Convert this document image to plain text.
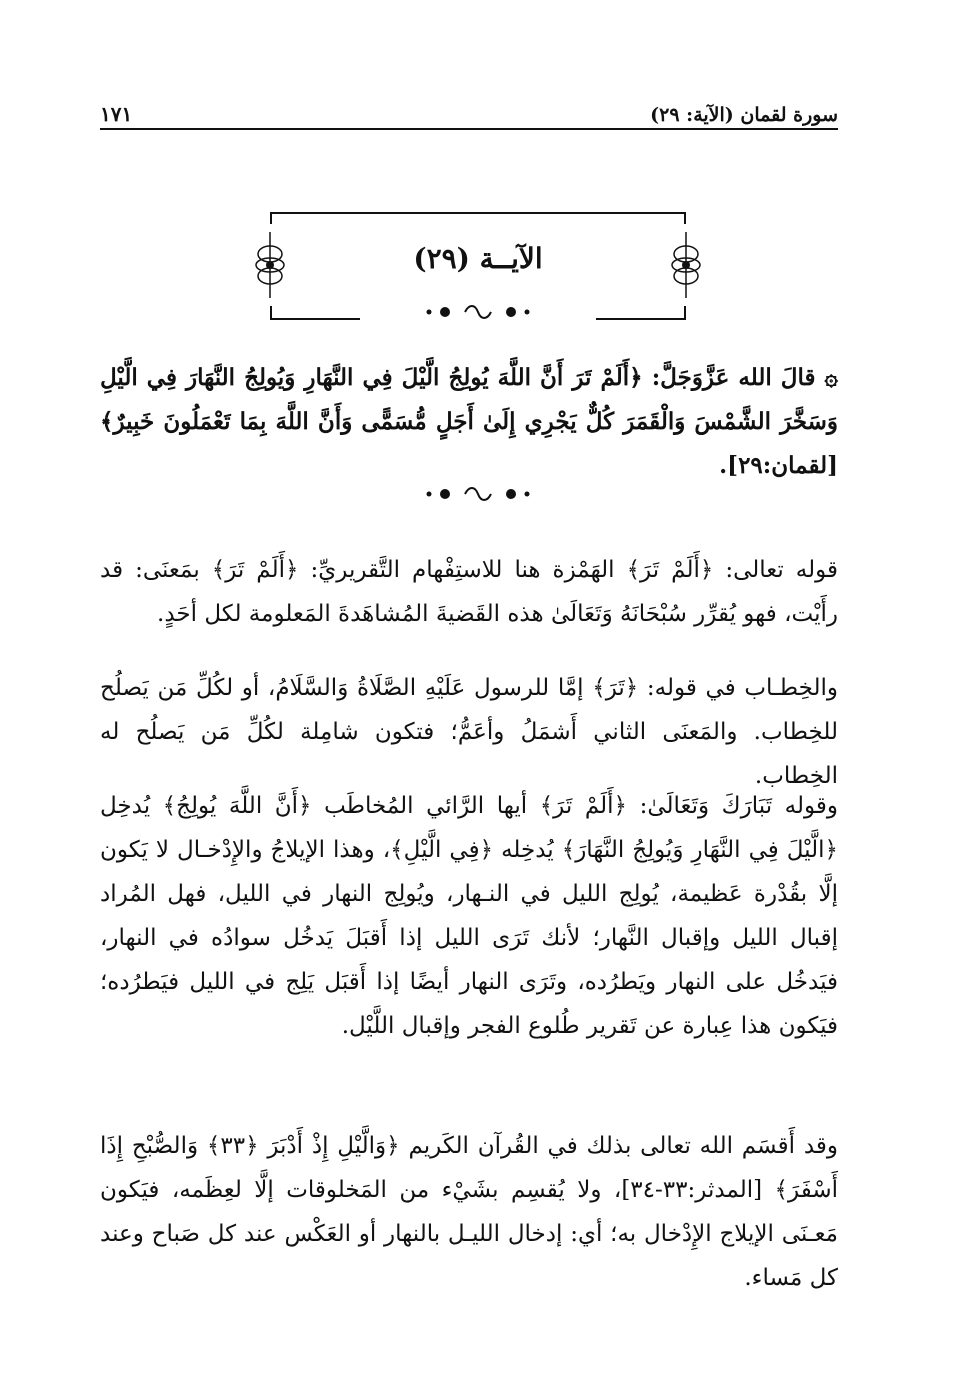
سورة لقمان (الآية: ٢٩)
١٧١
الآيــة (٢٩)

۞ قالَ الله عَزَّوَجَلَّ: ﴿أَلَمْ تَرَ أَنَّ اللَّهَ يُولِجُ الَّيْلَ فِي النَّهَارِ وَيُولِجُ النَّهَارَ فِي الَّيْلِ وَسَخَّرَ الشَّمْسَ وَالْقَمَرَ كُلٌّ يَجْرِي إِلَىٰ أَجَلٍ مُّسَمًّى وَأَنَّ اللَّهَ بِمَا تَعْمَلُونَ خَبِيرٌ﴾ [لقمان:٢٩].

قوله تعالى: ﴿أَلَمْ تَرَ﴾ الهَمْزة هنا للاستِفْهام التَّقريريِّ: ﴿أَلَمْ تَرَ﴾ بمَعنَى: قد رأَيْت، فهو يُقرِّر سُبْحَانَهُ وَتَعَالَىٰ هذه القَضيةَ المُشاهَدةَ المَعلومة لكل أحَدٍ.

والخِطـاب في قوله: ﴿تَرَ﴾ إمَّا للرسول عَلَيْهِ الصَّلَاةُ وَالسَّلَامُ، أو لكُلِّ مَن يَصلُح للخِطاب. والمَعنَى الثاني أَشمَلُ وأعَمُّ؛ فتكون شامِلة لكُلِّ مَن يَصلُح له الخِطاب.

وقوله تَبَارَكَ وَتَعَالَىٰ: ﴿أَلَمْ تَرَ﴾ أيها الرَّائي المُخاطَب ﴿أَنَّ اللَّهَ يُولِجُ﴾ يُدخِل ﴿الَّيْلَ فِي النَّهَارِ وَيُولِجُ النَّهَارَ﴾ يُدخِله ﴿فِي الَّيْلِ﴾، وهذا الإيلاجُ والإِدْخـال لا يَكون إلَّا بقُدْرة عَظيمة، يُولِج الليل في النـهار، ويُولِج النهار في الليل، فهل المُراد إقبال الليل وإقبال النَّهار؛ لأنك تَرَى الليل إذا أَقبَلَ يَدخُل سوادُه في النهار، فيَدخُل على النهار ويَطرُده، وتَرَى النهار أيضًا إذا أَقبَل يَلِج في الليل فيَطرُده؛ فيَكون هذا عِبارة عن تَقرير طُلوع الفجر وإقبال اللَّيْل.

وقد أَقسَم الله تعالى بذلك في القُرآن الكَريم ﴿وَالَّيْلِ إِذْ أَدْبَرَ ﴿٣٣﴾ وَالصُّبْحِ إِذَا أَسْفَرَ﴾ [المدثر:٣٣-٣٤]، ولا يُقسِم بشَيْء من المَخلوقات إلَّا لعِظَمه، فيَكون مَعـنَى الإيلاج الإِدْخال به؛ أي: إدخال الليـل بالنهار أو العَكْس عند كل صَباح وعند كل مَساء.
